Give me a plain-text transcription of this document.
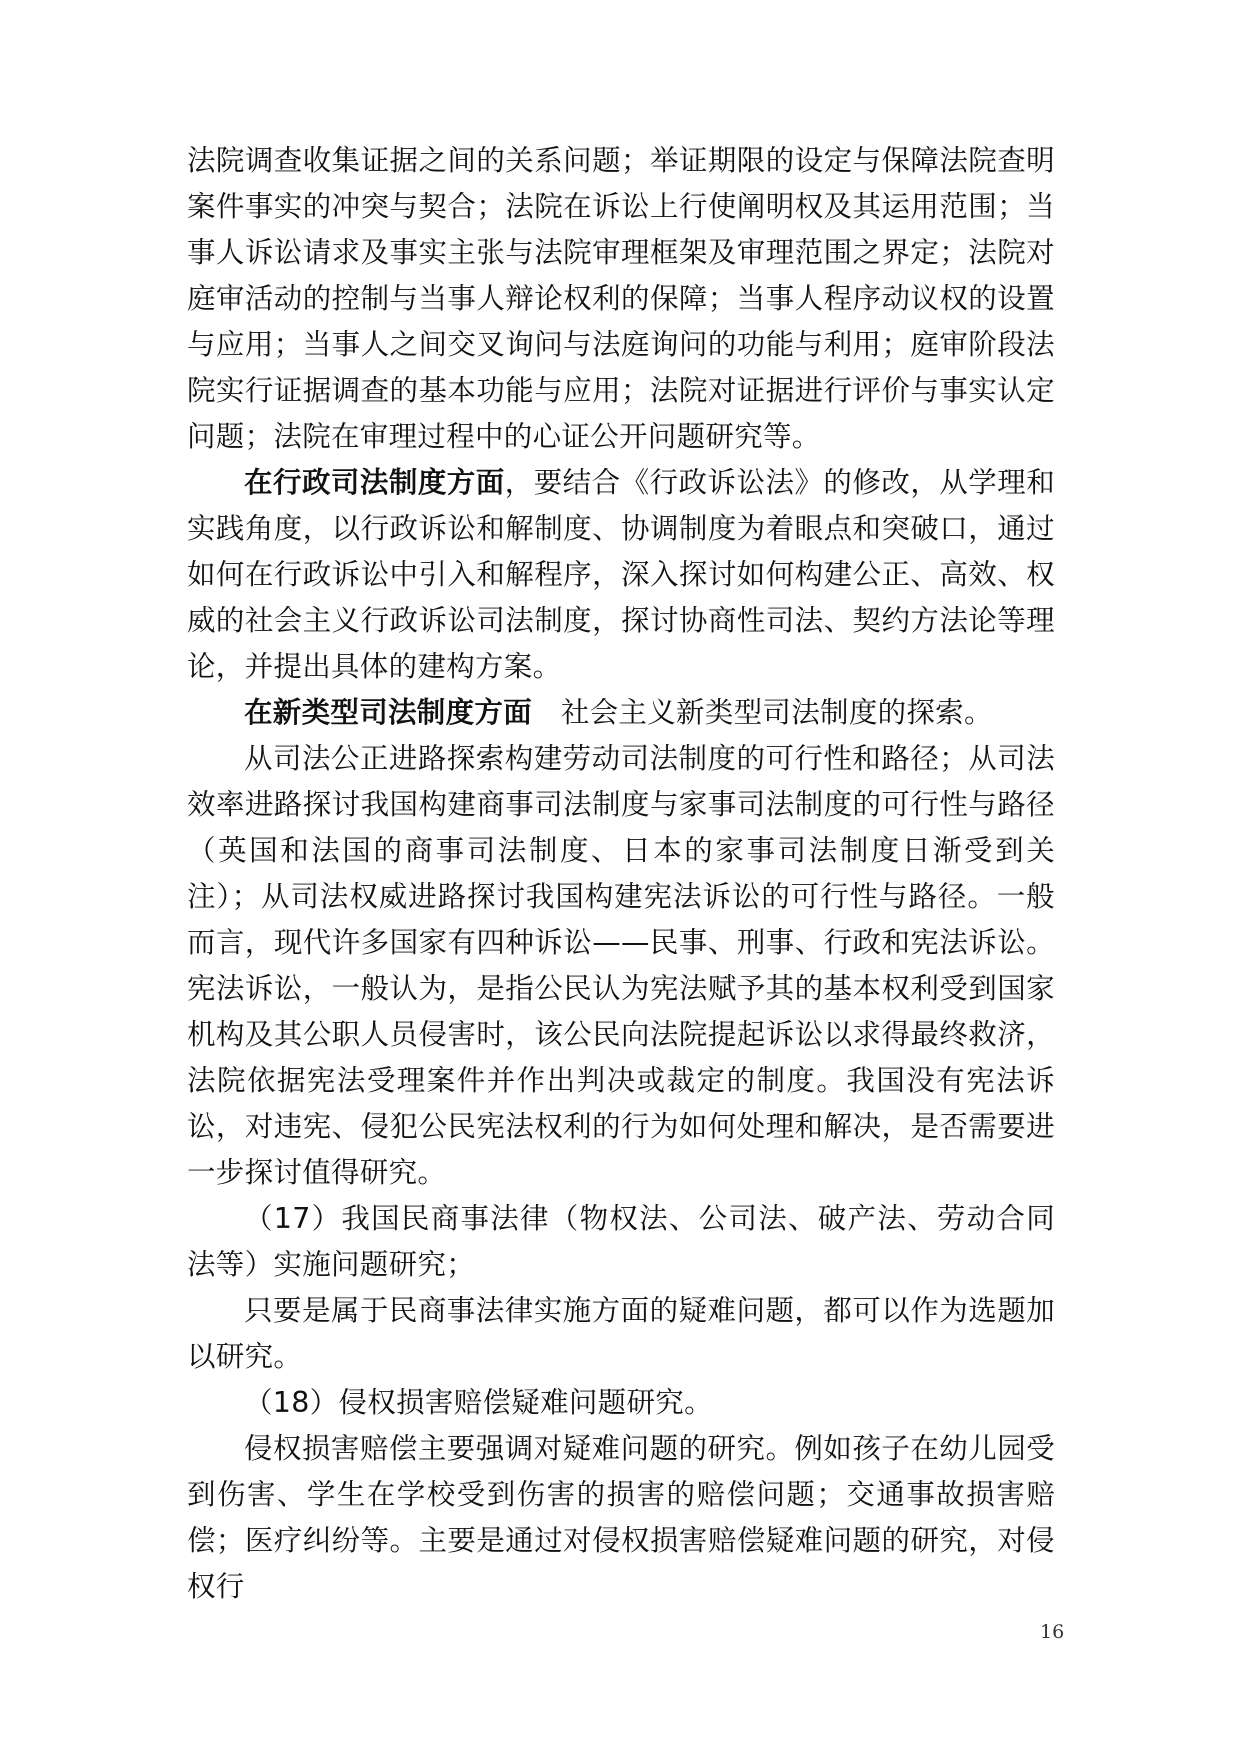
法院调查收集证据之间的关系问题；举证期限的设定与保障法院查明案件事实的冲突与契合；法院在诉讼上行使阐明权及其运用范围；当事人诉讼请求及事实主张与法院审理框架及审理范围之界定；法院对庭审活动的控制与当事人辩论权利的保障；当事人程序动议权的设置与应用；当事人之间交叉询问与法庭询问的功能与利用；庭审阶段法院实行证据调查的基本功能与应用；法院对证据进行评价与事实认定问题；法院在审理过程中的心证公开问题研究等。

在行政司法制度方面，要结合《行政诉讼法》的修改，从学理和实践角度，以行政诉讼和解制度、协调制度为着眼点和突破口，通过如何在行政诉讼中引入和解程序，深入探讨如何构建公正、高效、权威的社会主义行政诉讼司法制度，探讨协商性司法、契约方法论等理论，并提出具体的建构方案。

在新类型司法制度方面　社会主义新类型司法制度的探索。

从司法公正进路探索构建劳动司法制度的可行性和路径；从司法效率进路探讨我国构建商事司法制度与家事司法制度的可行性与路径（英国和法国的商事司法制度、日本的家事司法制度日渐受到关注）；从司法权威进路探讨我国构建宪法诉讼的可行性与路径。一般而言，现代许多国家有四种诉讼——民事、刑事、行政和宪法诉讼。宪法诉讼，一般认为，是指公民认为宪法赋予其的基本权利受到国家机构及其公职人员侵害时，该公民向法院提起诉讼以求得最终救济，法院依据宪法受理案件并作出判决或裁定的制度。我国没有宪法诉讼，对违宪、侵犯公民宪法权利的行为如何处理和解决，是否需要进一步探讨值得研究。

（17）我国民商事法律（物权法、公司法、破产法、劳动合同法等）实施问题研究；

只要是属于民商事法律实施方面的疑难问题，都可以作为选题加以研究。

（18）侵权损害赔偿疑难问题研究。

侵权损害赔偿主要强调对疑难问题的研究。例如孩子在幼儿园受到伤害、学生在学校受到伤害的损害的赔偿问题；交通事故损害赔偿；医疗纠纷等。主要是通过对侵权损害赔偿疑难问题的研究，对侵权行

16
